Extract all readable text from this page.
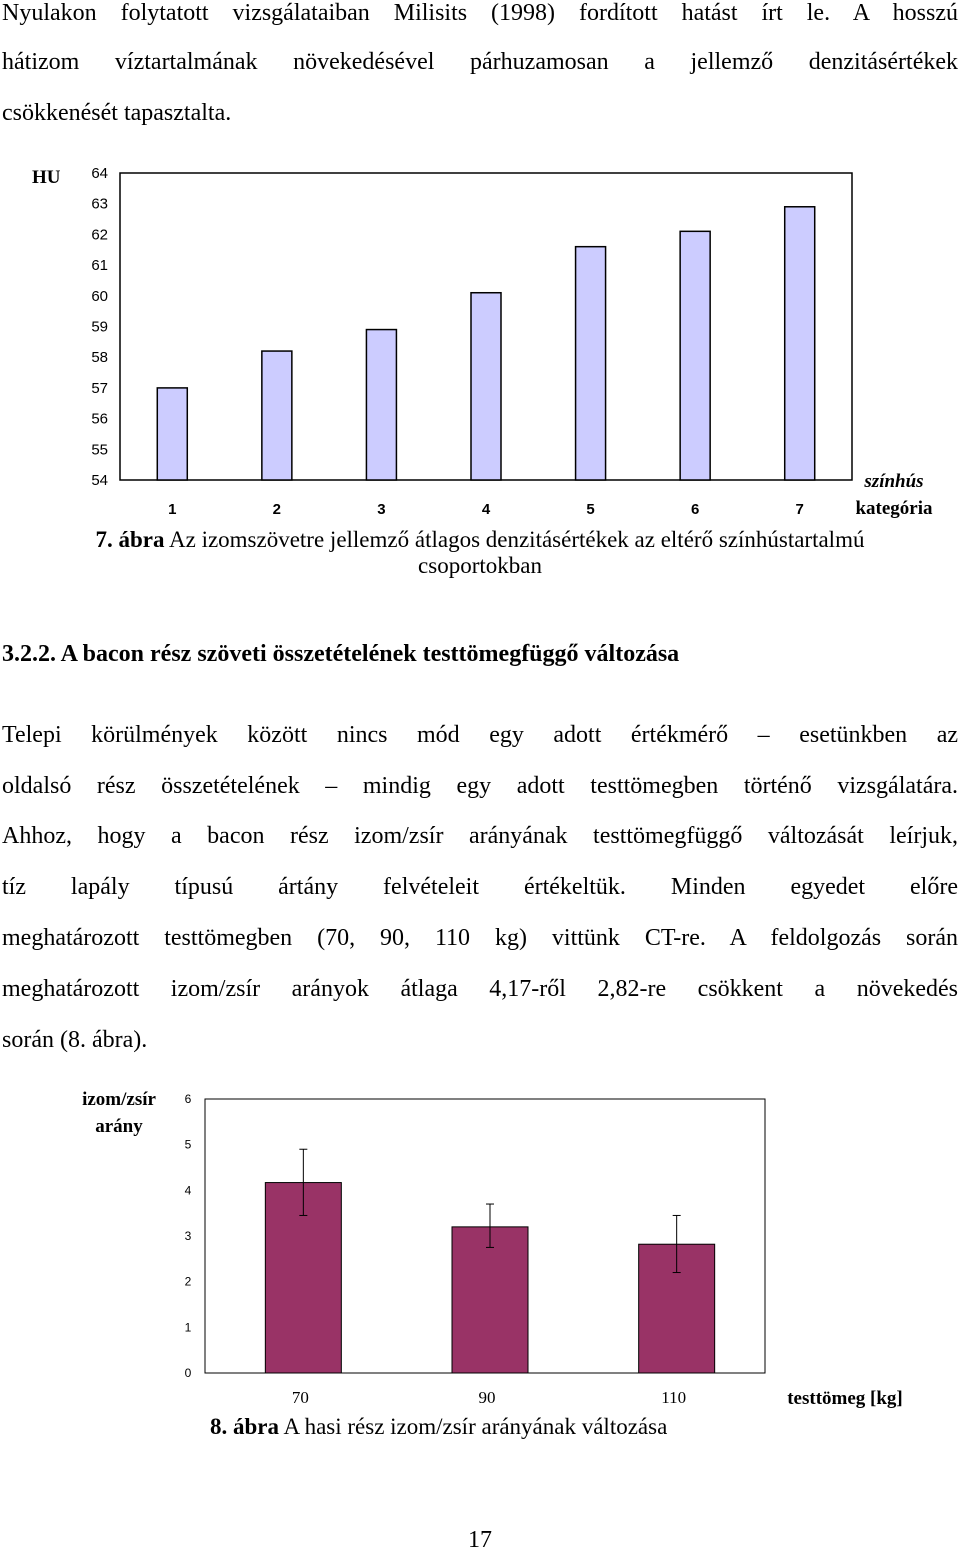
Nyulakon folytatott vizsgálataiban Milisits (1998) fordított hatást írt le. A hosszú
hátizom víztartalmának növekedésével párhuzamosan a jellemző denzitásértékek
csökkenését tapasztalta.
64
63
62
61
60
59
58
57
56
55
54
HU
1	2	3	4	5	6	7
színhús
kategória
7. ábra Az izomszövetre jellemző átlagos denzitásértékek az eltérő színhústartalmú
csoportokban
3.2.2. A bacon rész szöveti összetételének testtömegfüggő változása
Telepi körülmények között nincs mód egy adott értékmérő – esetünkben az
oldalsó rész összetételének – mindig egy adott testtömegben történő vizsgálatára.
Ahhoz, hogy a bacon rész izom/zsír arányának testtömegfüggő változását leírjuk,
tíz lapály típusú ártány felvételeit értékeltük. Minden egyedet előre
meghatározott testtömegben (70, 90, 110 kg) vittünk CT-re. A feldolgozás során
meghatározott izom/zsír arányok átlaga 4,17-ről 2,82-re csökkent a növekedés
során (8. ábra).
6
5
4
3
2
1
0
izom/zsír
arány
70	90	110	testtömeg [kg]
8. ábra A hasi rész izom/zsír arányának változása
17
